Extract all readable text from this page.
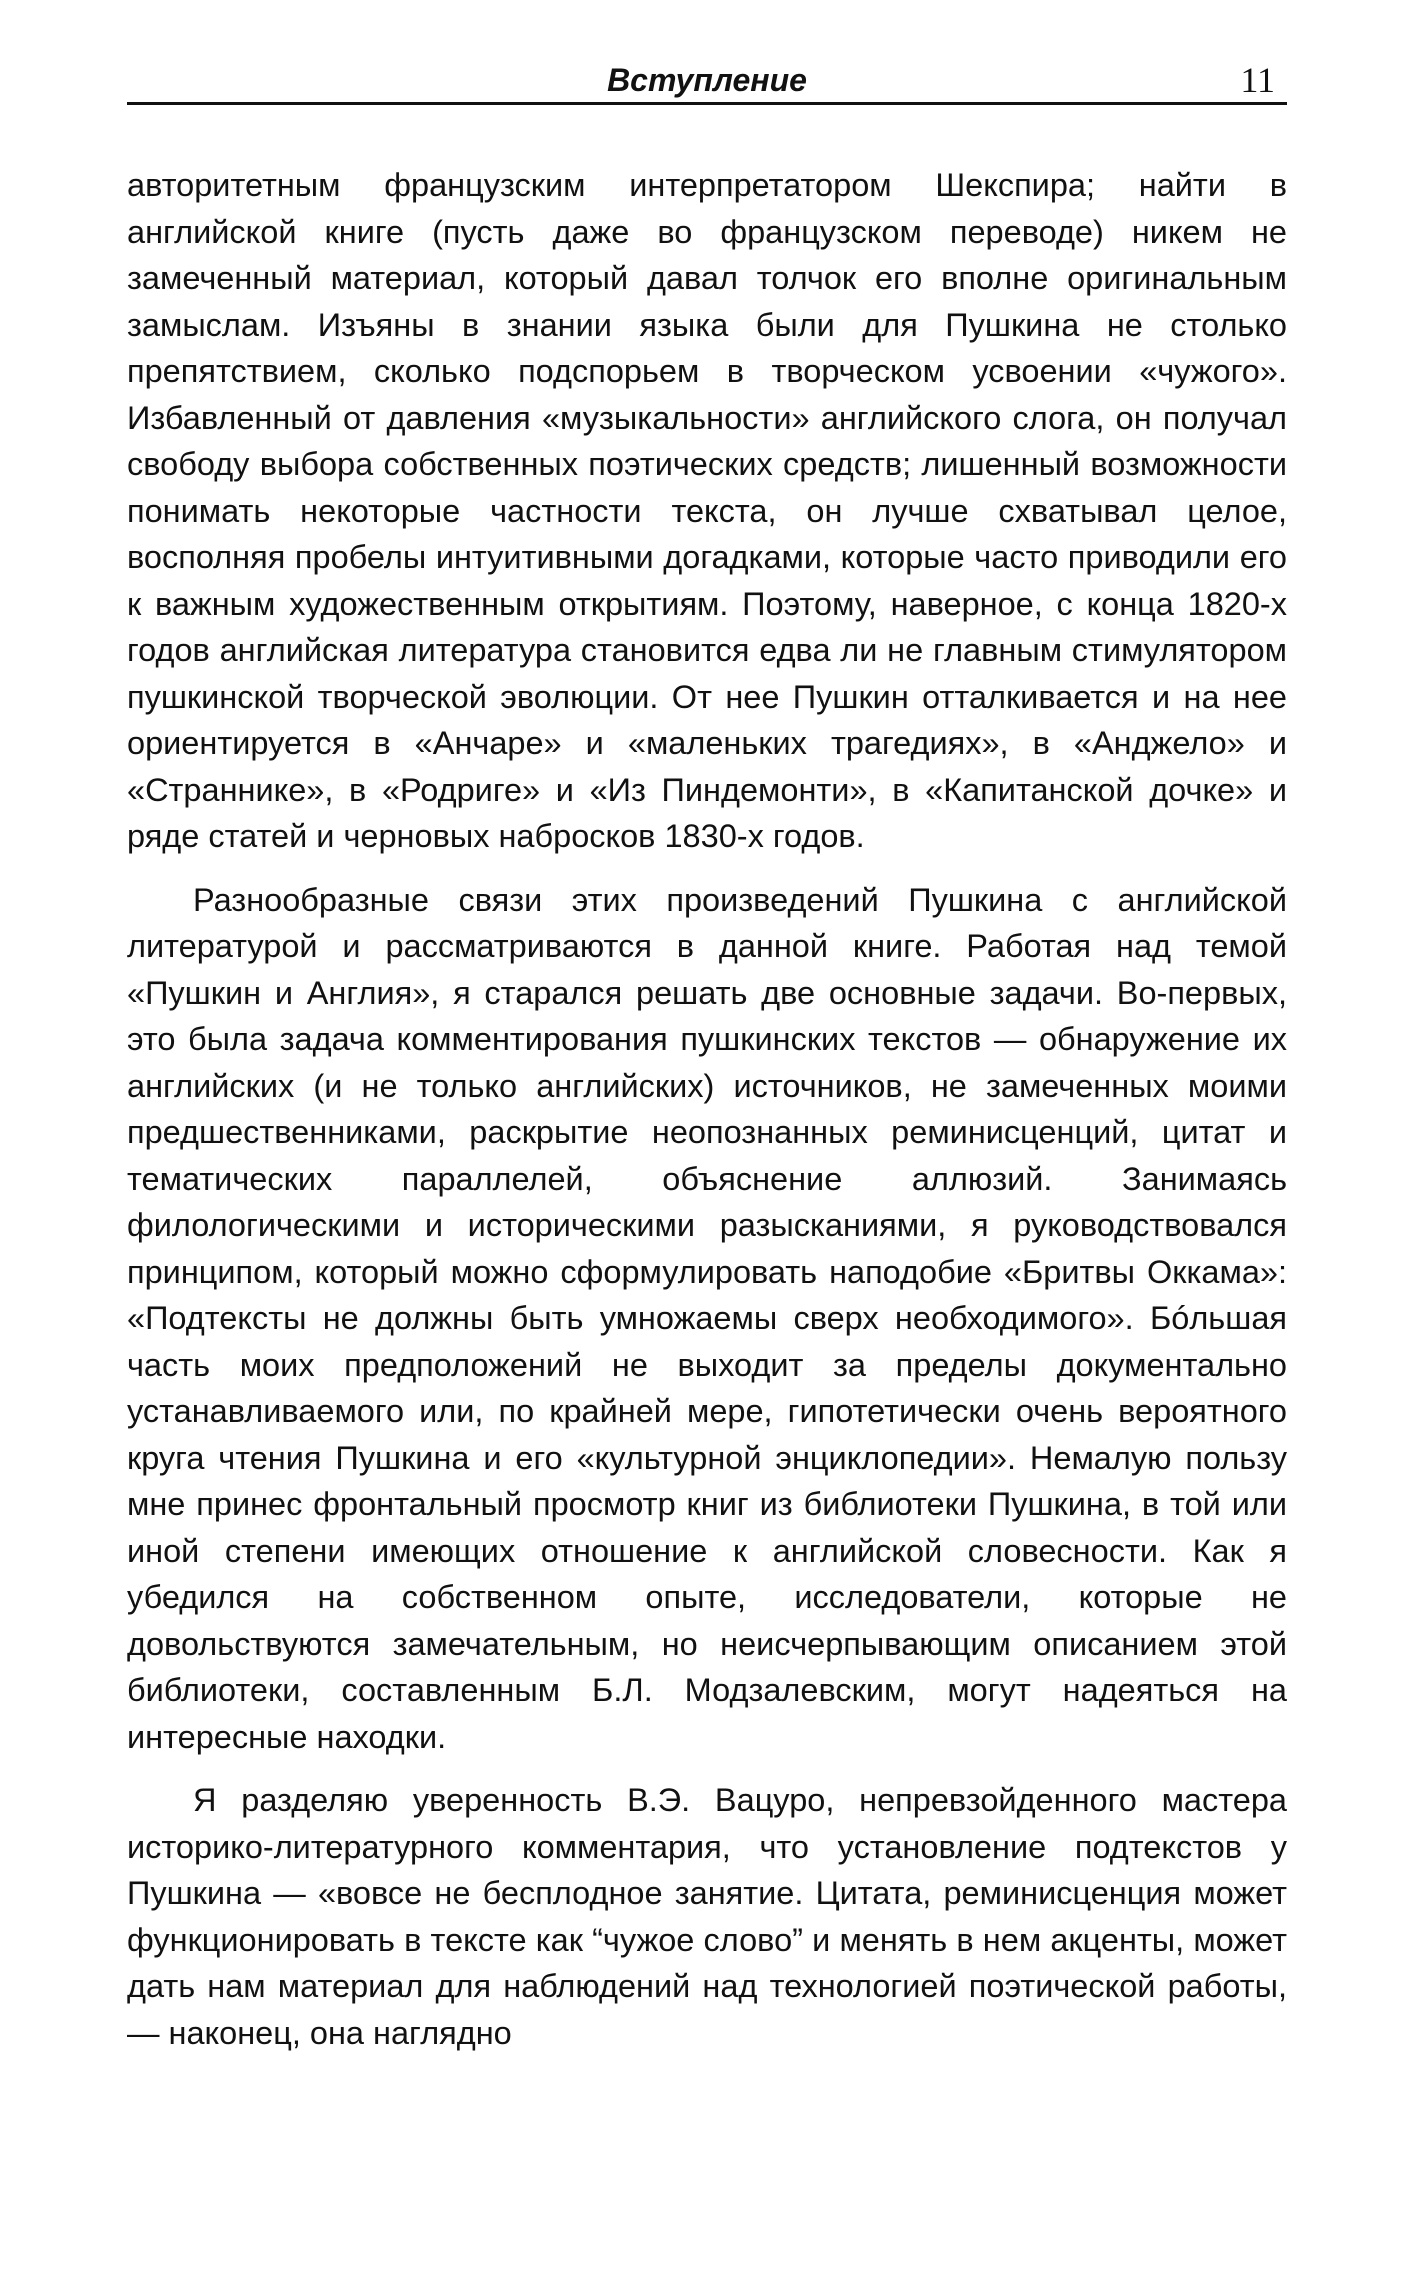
Вступление	11

авторитетным французским интерпретатором Шекспира; найти в английской книге (пусть даже во французском переводе) никем не замеченный материал, который давал толчок его вполне оригинальным замыслам. Изъяны в знании языка были для Пушкина не столько препятствием, сколько подспорьем в творческом усвоении «чужого». Избавленный от давления «музыкальности» английского слога, он получал свободу выбора собственных поэтических средств; лишенный возможности понимать некоторые частности текста, он лучше схватывал целое, восполняя пробелы интуитивными догадками, которые часто приводили его к важным художественным открытиям. Поэтому, наверное, с конца 1820-х годов английская литература становится едва ли не главным стимулятором пушкинской творческой эволюции. От нее Пушкин отталкивается и на нее ориентируется в «Анчаре» и «маленьких трагедиях», в «Анджело» и «Страннике», в «Родриге» и «Из Пиндемонти», в «Капитанской дочке» и ряде статей и черновых набросков 1830-х годов.

Разнообразные связи этих произведений Пушкина с английской литературой и рассматриваются в данной книге. Работая над темой «Пушкин и Англия», я старался решать две основные задачи. Во-первых, это была задача комментирования пушкинских текстов — обнаружение их английских (и не только английских) источников, не замеченных моими предшественниками, раскрытие неопознанных реминисценций, цитат и тематических параллелей, объяснение аллюзий. Занимаясь филологическими и историческими разысканиями, я руководствовался принципом, который можно сформулировать наподобие «Бритвы Оккама»: «Подтексты не должны быть умножаемы сверх необходимого». Бóльшая часть моих предположений не выходит за пределы документально устанавливаемого или, по крайней мере, гипотетически очень вероятного круга чтения Пушкина и его «культурной энциклопедии». Немалую пользу мне принес фронтальный просмотр книг из библиотеки Пушкина, в той или иной степени имеющих отношение к английской словесности. Как я убедился на собственном опыте, исследователи, которые не довольствуются замечательным, но неисчерпывающим описанием этой библиотеки, составленным Б.Л. Модзалевским, могут надеяться на интересные находки.

Я разделяю уверенность В.Э. Вацуро, непревзойденного мастера историко-литературного комментария, что установление подтекстов у Пушкина — «вовсе не бесплодное занятие. Цитата, реминисценция может функционировать в тексте как “чужое слово” и менять в нем акценты, может дать нам материал для наблюдений над технологией поэтической работы, — наконец, она наглядно
